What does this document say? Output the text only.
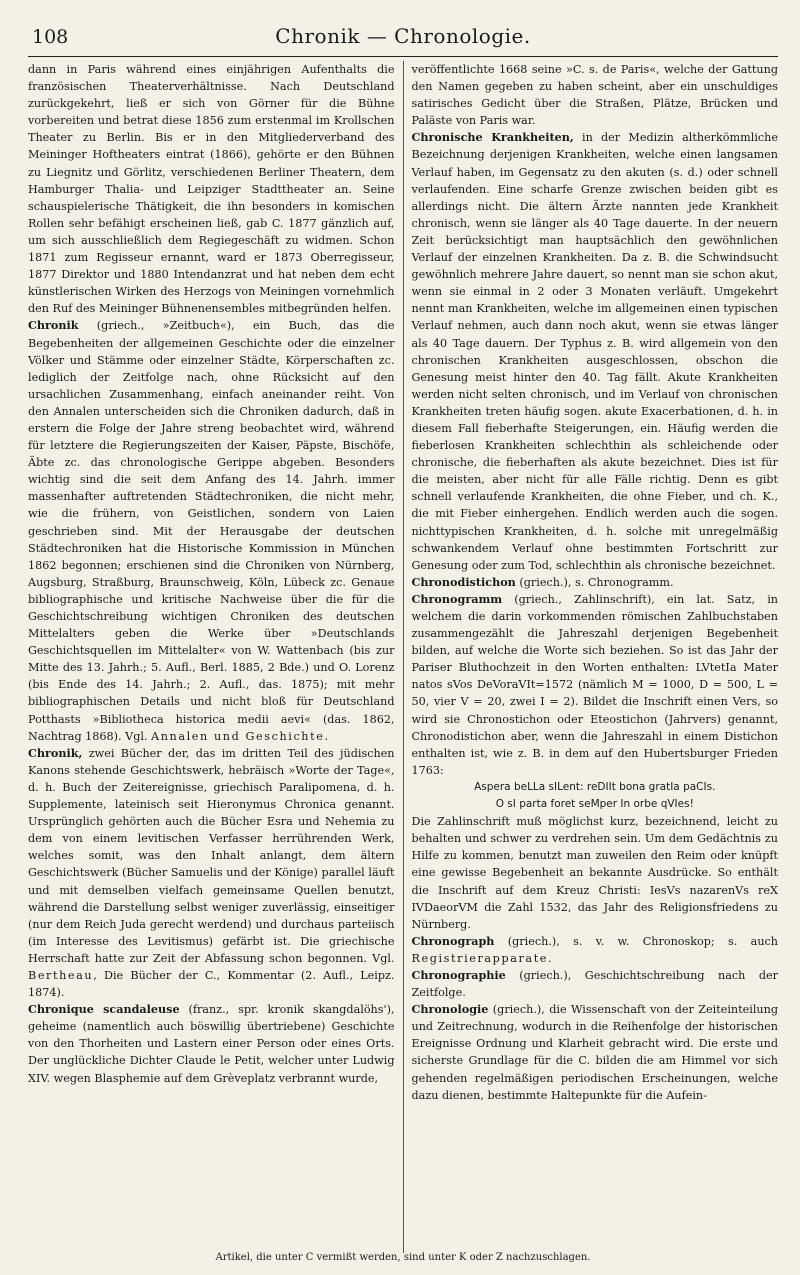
108	Chronik — Chronologie.

dann in Paris während eines einjährigen Aufenthalts die französischen Theaterverhältnisse. Nach Deutschland zurückgekehrt, ließ er sich von Görner für die Bühne vorbereiten und betrat diese 1856 zum erstenmal im Krollschen Theater zu Berlin. Bis er in den Mitgliederverband des Meininger Hoftheaters eintrat (1866), gehörte er den Bühnen zu Liegnitz und Görlitz, verschiedenen Berliner Theatern, dem Hamburger Thalia- und Leipziger Stadttheater an. Seine schauspielerische Thätigkeit, die ihn besonders in komischen Rollen sehr befähigt erscheinen ließ, gab C. 1877 gänzlich auf, um sich ausschließlich dem Regiegeschäft zu widmen. Schon 1871 zum Regisseur ernannt, ward er 1873 Oberregisseur, 1877 Direktor und 1880 Intendanzrat und hat neben dem echt künstlerischen Wirken des Herzogs von Meiningen vornehmlich den Ruf des Meininger Bühnenensembles mitbegründen helfen.

Chronik (griech., »Zeitbuch«), ein Buch, das die Begebenheiten der allgemeinen Geschichte oder die einzelner Völker und Stämme oder einzelner Städte, Körperschaften zc. lediglich der Zeitfolge nach, ohne Rücksicht auf den ursachlichen Zusammenhang, einfach aneinander reiht. Von den Annalen unterscheiden sich die Chroniken dadurch, daß in erstern die Folge der Jahre streng beobachtet wird, während für letztere die Regierungszeiten der Kaiser, Päpste, Bischöfe, Äbte zc. das chronologische Gerippe abgeben. Besonders wichtig sind die seit dem Anfang des 14. Jahrh. immer massenhafter auftretenden Städtechroniken, die nicht mehr, wie die frühern, von Geistlichen, sondern von Laien geschrieben sind. Mit der Herausgabe der deutschen Städtechroniken hat die Historische Kommission in München 1862 begonnen; erschienen sind die Chroniken von Nürnberg, Augsburg, Straßburg, Braunschweig, Köln, Lübeck zc. Genaue bibliographische und kritische Nachweise über die für die Geschichtschreibung wichtigen Chroniken des deutschen Mittelalters geben die Werke über »Deutschlands Geschichtsquellen im Mittelalter« von W. Wattenbach (bis zur Mitte des 13. Jahrh.; 5. Aufl., Berl. 1885, 2 Bde.) und O. Lorenz (bis Ende des 14. Jahrh.; 2. Aufl., das. 1875); mit mehr bibliographischen Details und nicht bloß für Deutschland Potthasts »Bibliotheca historica medii aevi« (das. 1862, Nachtrag 1868). Vgl. Annalen und Geschichte.

Chronik, zwei Bücher der, das im dritten Teil des jüdischen Kanons stehende Geschichtswerk, hebräisch »Worte der Tage«, d. h. Buch der Zeitereignisse, griechisch Paralipomena, d. h. Supplemente, lateinisch seit Hieronymus Chronica genannt. Ursprünglich gehörten auch die Bücher Esra und Nehemia zu dem von einem levitischen Verfasser herrührenden Werk, welches somit, was den Inhalt anlangt, dem ältern Geschichtswerk (Bücher Samuelis und der Könige) parallel läuft und mit demselben vielfach gemeinsame Quellen benutzt, während die Darstellung selbst weniger zuverlässig, einseitiger (nur dem Reich Juda gerecht werdend) und durchaus parteiisch (im Interesse des Levitismus) gefärbt ist. Die griechische Herrschaft hatte zur Zeit der Abfassung schon begonnen. Vgl. Bertheau, Die Bücher der C., Kommentar (2. Aufl., Leipz. 1874).

Chronique scandaleuse (franz., spr. kronik skangdalöhs'), geheime (namentlich auch böswillig übertriebene) Geschichte von den Thorheiten und Lastern einer Person oder eines Orts. Der unglückliche Dichter Claude le Petit, welcher unter Ludwig XIV. wegen Blasphemie auf dem Grèveplatz verbrannt wurde,

veröffentlichte 1668 seine »C. s. de Paris«, welche der Gattung den Namen gegeben zu haben scheint, aber ein unschuldiges satirisches Gedicht über die Straßen, Plätze, Brücken und Paläste von Paris war.

Chronische Krankheiten, in der Medizin altherkömmliche Bezeichnung derjenigen Krankheiten, welche einen langsamen Verlauf haben, im Gegensatz zu den akuten (s. d.) oder schnell verlaufenden. Eine scharfe Grenze zwischen beiden gibt es allerdings nicht. Die ältern Ärzte nannten jede Krankheit chronisch, wenn sie länger als 40 Tage dauerte. In der neuern Zeit berücksichtigt man hauptsächlich den gewöhnlichen Verlauf der einzelnen Krankheiten. Da z. B. die Schwindsucht gewöhnlich mehrere Jahre dauert, so nennt man sie schon akut, wenn sie einmal in 2 oder 3 Monaten verläuft. Umgekehrt nennt man Krankheiten, welche im allgemeinen einen typischen Verlauf nehmen, auch dann noch akut, wenn sie etwas länger als 40 Tage dauern. Der Typhus z. B. wird allgemein von den chronischen Krankheiten ausgeschlossen, obschon die Genesung meist hinter den 40. Tag fällt. Akute Krankheiten werden nicht selten chronisch, und im Verlauf von chronischen Krankheiten treten häufig sogen. akute Exacerbationen, d. h. in diesem Fall fieberhafte Steigerungen, ein. Häufig werden die fieberlosen Krankheiten schlechthin als schleichende oder chronische, die fieberhaften als akute bezeichnet. Dies ist für die meisten, aber nicht für alle Fälle richtig. Denn es gibt schnell verlaufende Krankheiten, die ohne Fieber, und ch. K., die mit Fieber einhergehen. Endlich werden auch die sogen. nichttypischen Krankheiten, d. h. solche mit unregelmäßig schwankendem Verlauf ohne bestimmten Fortschritt zur Genesung oder zum Tod, schlechthin als chronische bezeichnet.

Chronodistichon (griech.), s. Chronogramm.

Chronogramm (griech., Zahlinschrift), ein lat. Satz, in welchem die darin vorkommenden römischen Zahlbuchstaben zusammengezählt die Jahreszahl derjenigen Begebenheit bilden, auf welche die Worte sich beziehen. So ist das Jahr der Pariser Bluthochzeit in den Worten enthalten: LVtetIa Mater natos sVos DeVoraVIt=1572 (nämlich M = 1000, D = 500, L = 50, vier V = 20, zwei I = 2). Bildet die Inschrift einen Vers, so wird sie Chronostichon oder Eteostichon (Jahrvers) genannt, Chronodistichon aber, wenn die Jahreszahl in einem Distichon enthalten ist, wie z. B. in dem auf den Hubertsburger Frieden 1763:

Aspera beLLa sILent: reDIIt bona gratIa paCIs.

O sI parta foret seMper In orbe qVIes!

Die Zahlinschrift muß möglichst kurz, bezeichnend, leicht zu behalten und schwer zu verdrehen sein. Um dem Gedächtnis zu Hilfe zu kommen, benutzt man zuweilen den Reim oder knüpft eine gewisse Begebenheit an bekannte Ausdrücke. So enthält die Inschrift auf dem Kreuz Christi: IesVs nazarenVs reX IVDaeorVM die Zahl 1532, das Jahr des Religionsfriedens zu Nürnberg.

Chronograph (griech.), s. v. w. Chronoskop; s. auch Registrierapparate.

Chronographie (griech.), Geschichtschreibung nach der Zeitfolge.

Chronologie (griech.), die Wissenschaft von der Zeiteinteilung und Zeitrechnung, wodurch in die Reihenfolge der historischen Ereignisse Ordnung und Klarheit gebracht wird. Die erste und sicherste Grundlage für die C. bilden die am Himmel vor sich gehenden regelmäßigen periodischen Erscheinungen, welche dazu dienen, bestimmte Haltepunkte für die Aufein-

Artikel, die unter C vermißt werden, sind unter K oder Z nachzuschlagen.
